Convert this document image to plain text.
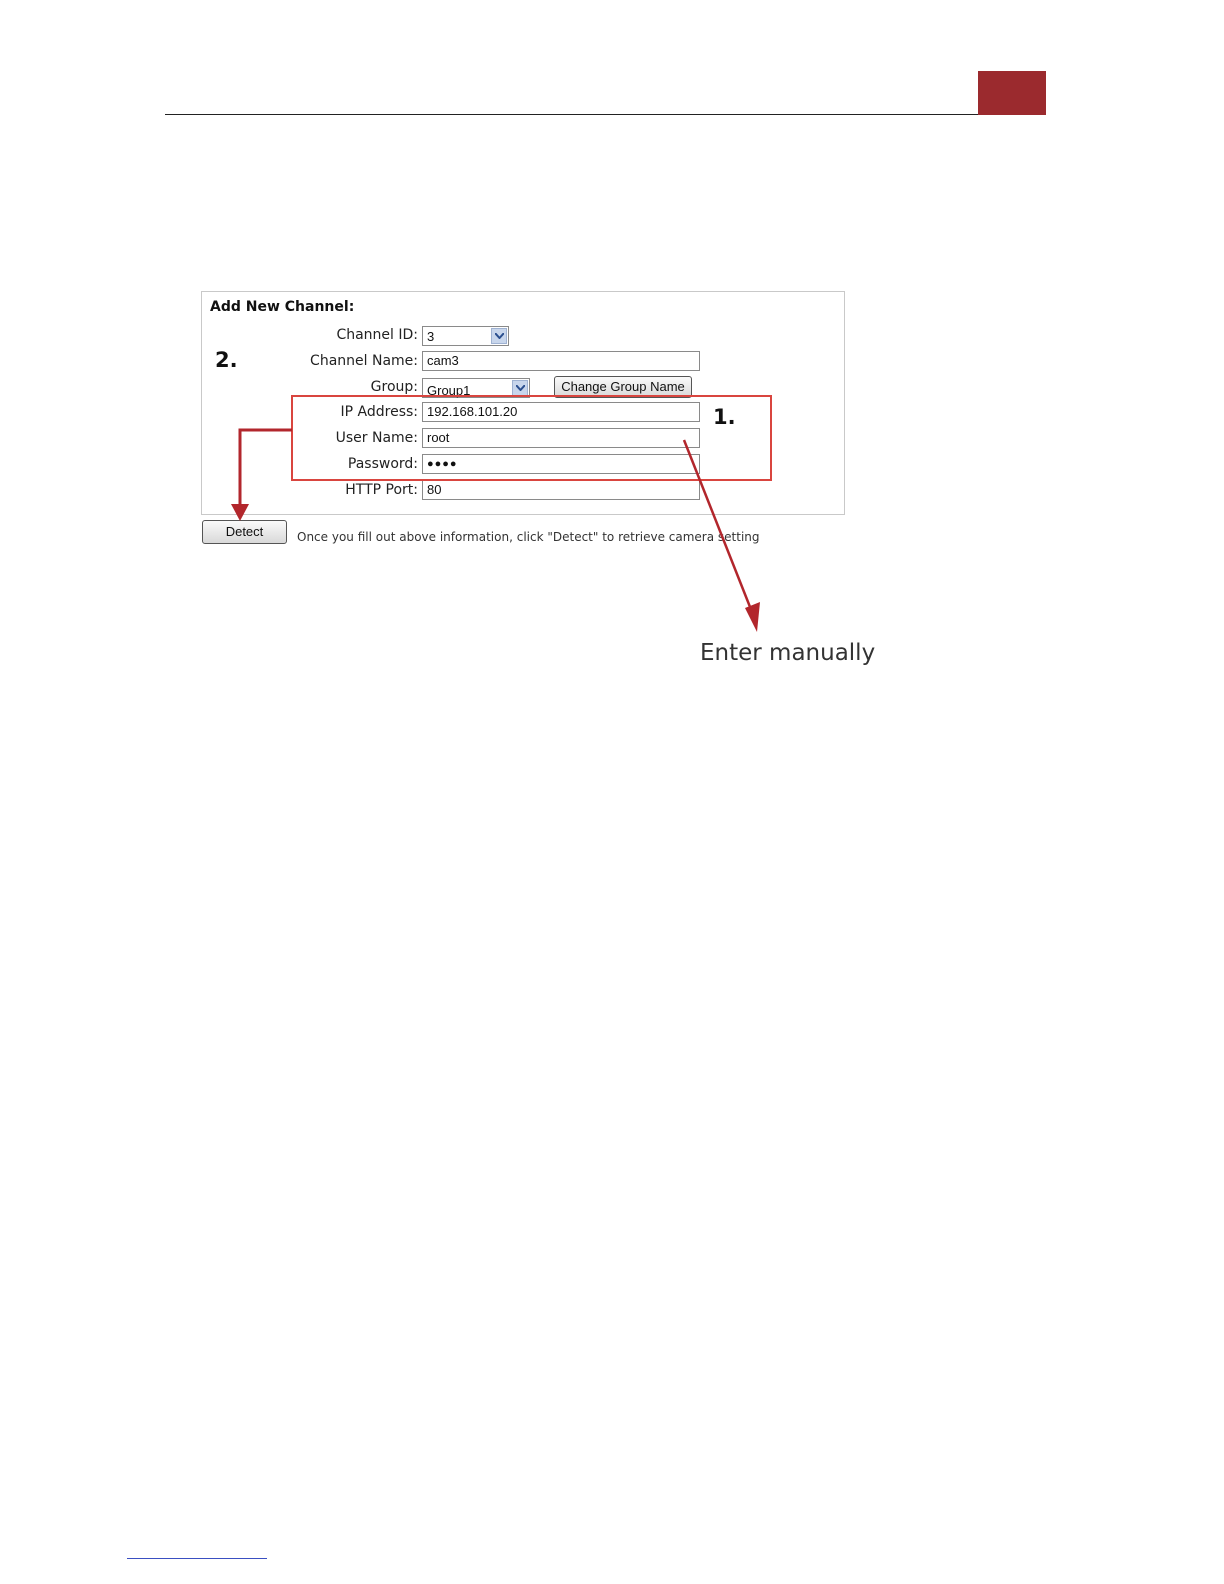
Add New Channel:
Channel ID: 3
Channel Name: cam3
Group: Group1	Change Group Name
IP Address: 192.168.101.20
User Name: root
Password: ●●●●
HTTP Port: 80
Detect	Once you fill out above information, click "Detect" to retrieve camera setting
2.
1.
Enter manually
